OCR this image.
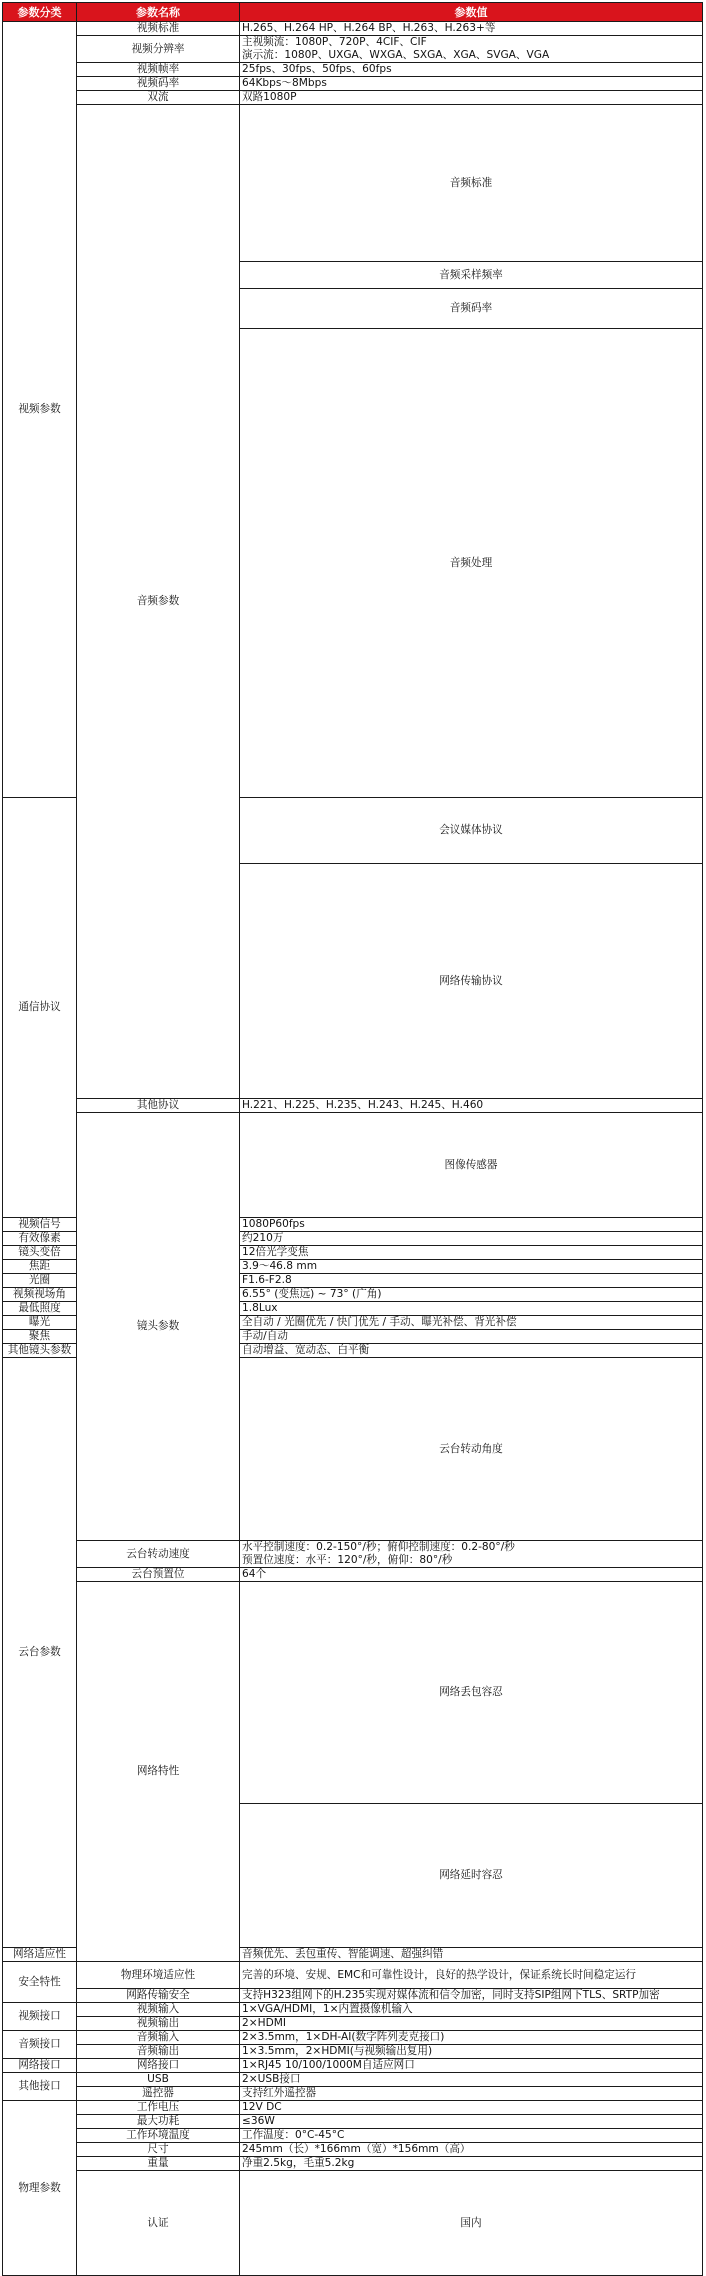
参数分类	参数名称	参数值	
视频参数	视频标准	H.265、H.264 HP、H.264 BP、H.263、H.263+等	
	视频分辨率	主视频流：1080P、720P、4CIF、CIF
演示流：1080P、UXGA、WXGA、SXGA、XGA、SVGA、VGA	
	视频帧率	25fps、30fps、50fps、60fps	
	视频码率	64Kbps～8Mbps	
	双流	双路1080P	
	音频参数	音频标准	
		音频采样频率	
		音频码率	
		音频处理	
通信协议		会议媒体协议	
		网络传输协议	
	其他协议	H.221、H.225、H.235、H.243、H.245、H.460	
	镜头参数	图像传感器	
视频信号		1080P60fps	
有效像素		约210万	
镜头变倍		12倍光学变焦	
焦距		3.9～46.8 mm	
光圈		F1.6-F2.8	
视频视场角		6.55° (变焦远) ~ 73° (广角)	
最低照度		1.8Lux	
曝光		全自动 / 光圈优先 / 快门优先 / 手动、曝光补偿、背光补偿	
聚焦		手动/自动	
其他镜头参数		自动增益、宽动态、白平衡	
云台参数		云台转动角度	
	云台转动速度	水平控制速度：0.2-150°/秒；俯仰控制速度：0.2-80°/秒
预置位速度：水平：120°/秒，俯仰：80°/秒	
	云台预置位	64个	
	网络特性	网络丢包容忍	
		网络延时容忍	
网络适应性		音频优先、丢包重传、智能调速、超强纠错	
安全特性	物理环境适应性	完善的环境、安规、EMC和可靠性设计，良好的热学设计，保证系统长时间稳定运行	
	网路传输安全	支持H323组网下的H.235实现对媒体流和信令加密，同时支持SIP组网下TLS、SRTP加密	
视频接口	视频输入	1×VGA/HDMI，1×内置摄像机输入	
	视频输出	2×HDMI	
音频接口	音频输入	2×3.5mm，1×DH-AI(数字阵列麦克接口)	
	音频输出	1×3.5mm，2×HDMI(与视频输出复用)	
网络接口	网络接口	1×RJ45 10/100/1000M自适应网口	
其他接口	USB	2×USB接口	
	遥控器	支持红外遥控器	
物理参数	工作电压	12V DC	
	最大功耗	≤36W	
	工作环境温度	工作温度：0°C-45°C	
	尺寸	245mm（长）*166mm（宽）*156mm（高）	
	重量	净重2.5kg，毛重5.2kg	
	认证	国内	
